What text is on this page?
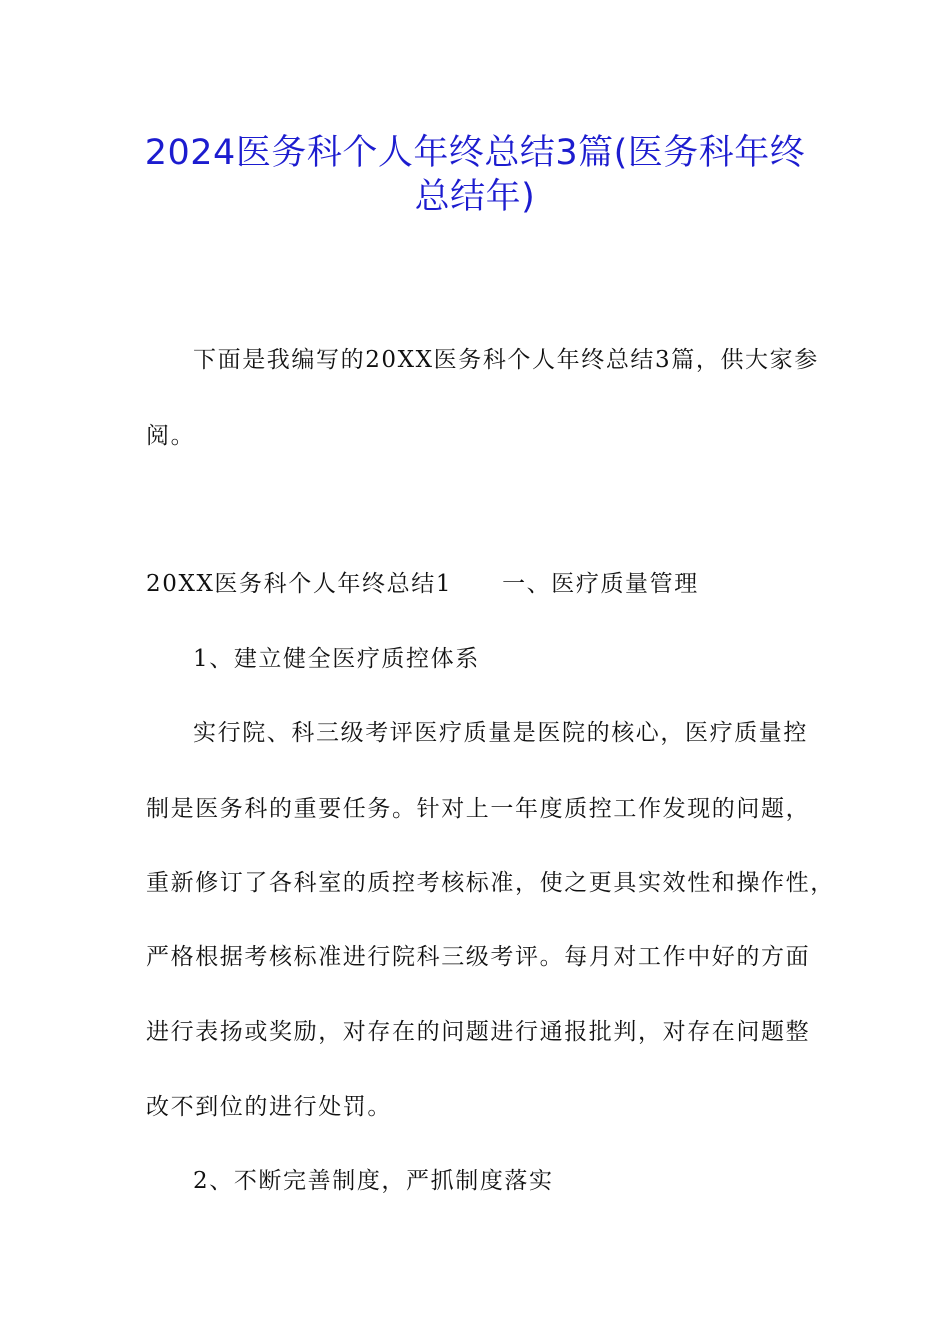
2024医务科个人年终总结3篇(医务科年终
总结年)
下面是我编写的20XX医务科个人年终总结3篇，供大家参
阅。
20XX医务科个人年终总结1 一、医疗质量管理
1、建立健全医疗质控体系
实行院、科三级考评医疗质量是医院的核心，医疗质量控
制是医务科的重要任务。针对上一年度质控工作发现的问题，
重新修订了各科室的质控考核标准，使之更具实效性和操作性，
严格根据考核标准进行院科三级考评。每月对工作中好的方面
进行表扬或奖励，对存在的问题进行通报批判，对存在问题整
改不到位的进行处罚。
2、不断完善制度，严抓制度落实
